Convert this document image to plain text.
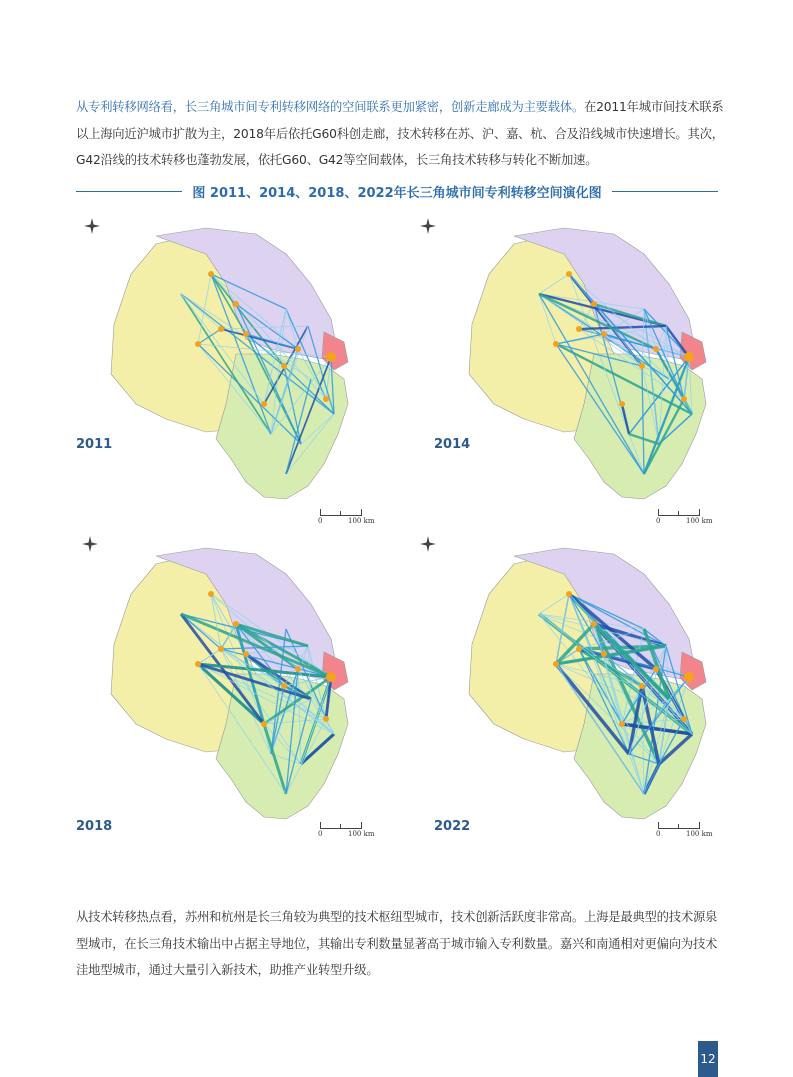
从专利转移网络看，长三角城市间专利转移网络的空间联系更加紧密，创新走廊成为主要载体。在2011年城市间技术联系以上海向近沪城市扩散为主，2018年后依托G60科创走廊，技术转移在苏、沪、嘉、杭、合及沿线城市快速增长。其次，G42沿线的技术转移也蓬勃发展，依托G60、G42等空间载体，长三角技术转移与转化不断加速。
图 2011、2014、2018、2022年长三角城市间专利转移空间演化图
2011
0	100 km
2014
0	100 km
2018	0	100 km	2022	0	100 km
从技术转移热点看，苏州和杭州是长三角较为典型的技术枢纽型城市，技术创新活跃度非常高。上海是最典型的技术源泉型城市，在长三角技术输出中占据主导地位，其输出专利数量显著高于城市输入专利数量。嘉兴和南通相对更偏向为技术洼地型城市，通过大量引入新技术，助推产业转型升级。
12
